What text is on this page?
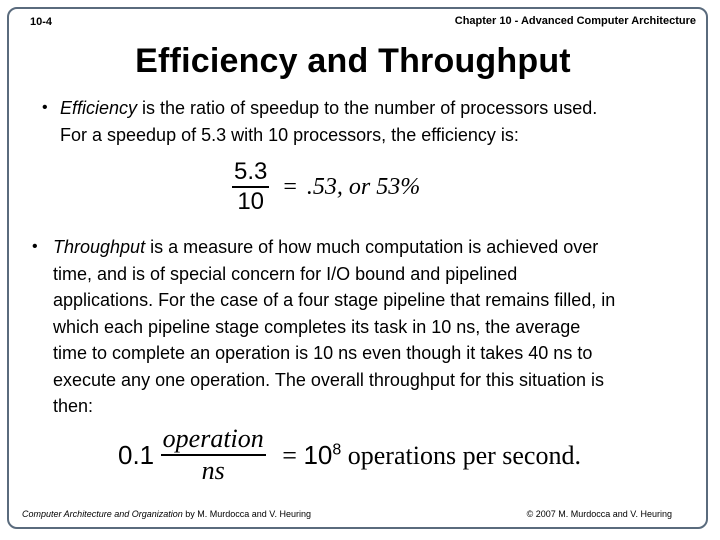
10-4	Chapter 10 - Advanced Computer Architecture
Efficiency and Throughput
• Efficiency is the ratio of speedup to the number of processors used.
For a speedup of 5.3 with 10 processors, the efficiency is:
$\frac{5.3}{10} = .53$, or 53%
• Throughput is a measure of how much computation is achieved over
time, and is of special concern for I/O bound and pipelined
applications. For the case of a four stage pipeline that remains filled, in
which each pipeline stage completes its task in 10 ns, the average
time to complete an operation is 10 ns even though it takes 40 ns to
execute any one operation. The overall throughput for this situation is
then:
$0.1 \frac{\text{operation}}{ns} = 10^8$ operations per second.
Computer Architecture and Organization by M. Murdocca and V. Heuring	© 2007 M. Murdocca and V. Heuring
